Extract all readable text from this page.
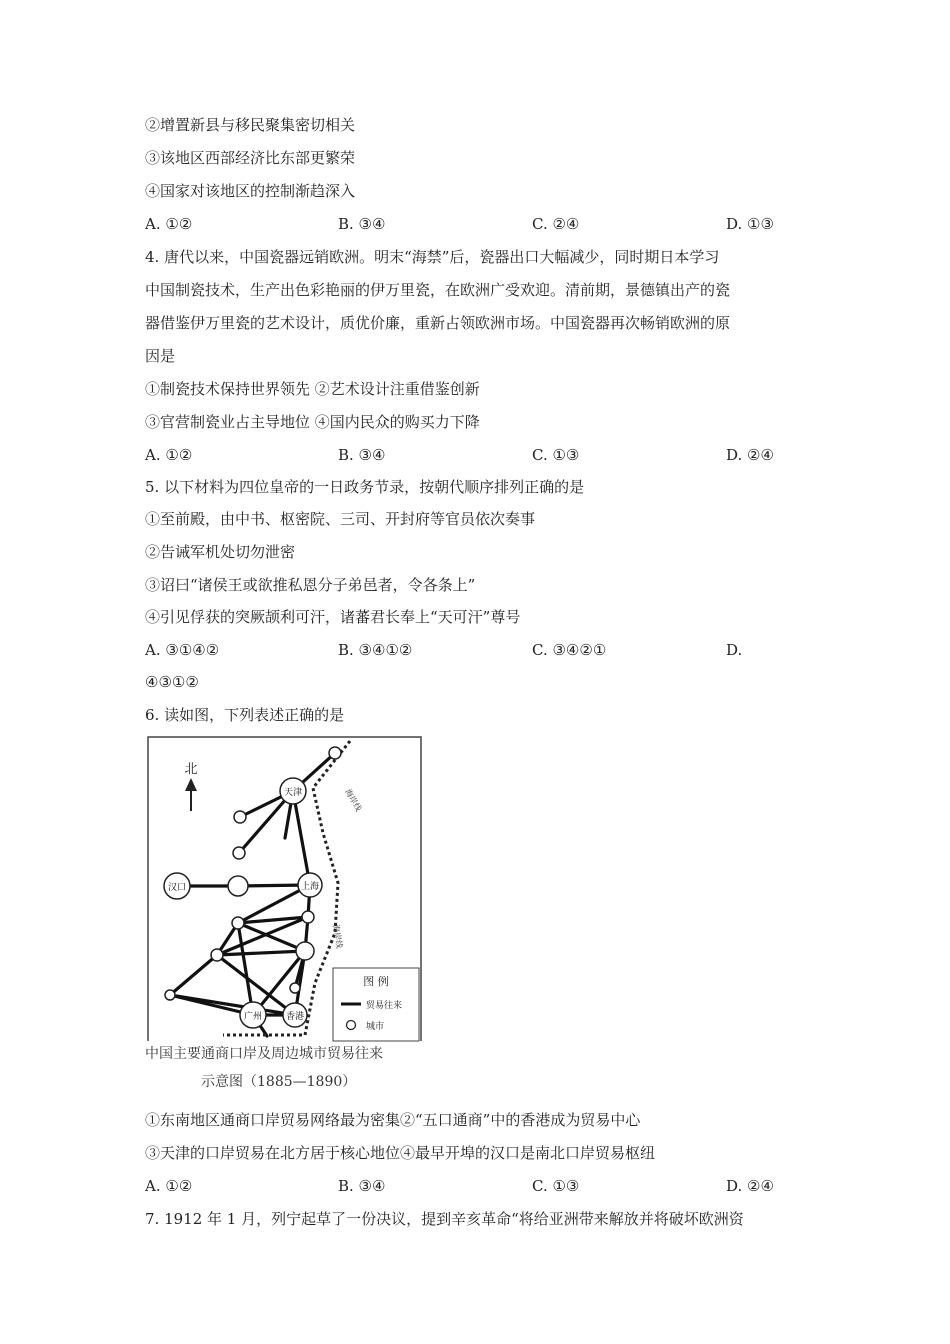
②增置新县与移民聚集密切相关
③该地区西部经济比东部更繁荣
④国家对该地区的控制渐趋深入
A. ①②	B. ③④	C. ②④	D. ①③
4. 唐代以来，中国瓷器远销欧洲。明末“海禁”后，瓷器出口大幅减少，同时期日本学习
中国制瓷技术，生产出色彩艳丽的伊万里瓷，在欧洲广受欢迎。清前期，景德镇出产的瓷
器借鉴伊万里瓷的艺术设计，质优价廉，重新占领欧洲市场。中国瓷器再次畅销欧洲的原
因是
①制瓷技术保持世界领先 ②艺术设计注重借鉴创新
③官营制瓷业占主导地位 ④国内民众的购买力下降
A. ①②	B. ③④	C. ①③	D. ②④
5. 以下材料为四位皇帝的一日政务节录，按朝代顺序排列正确的是
①至前殿，由中书、枢密院、三司、开封府等官员依次奏事
②告诫军机处切勿泄密
③诏曰“诸侯王或欲推私恩分子弟邑者，令各条上”
④引见俘获的突厥颉利可汗，诸蕃君长奉上“天可汗”尊号
A. ③①④②	B. ③④①②	C. ③④②①	D.
④③①②
6. 读如图，下列表述正确的是
北
海岸线
海岸线
天津
汉口	上海
广州	香港
图 例
贸易往来
城市
中国主要通商口岸及周边城市贸易往来
示意图（1885—1890）
①东南地区通商口岸贸易网络最为密集②“五口通商”中的香港成为贸易中心
③天津的口岸贸易在北方居于核心地位④最早开埠的汉口是南北口岸贸易枢纽
A. ①②	B. ③④	C. ①③	D. ②④
7. 1912 年 1 月，列宁起草了一份决议，提到辛亥革命“将给亚洲带来解放并将破坏欧洲资
